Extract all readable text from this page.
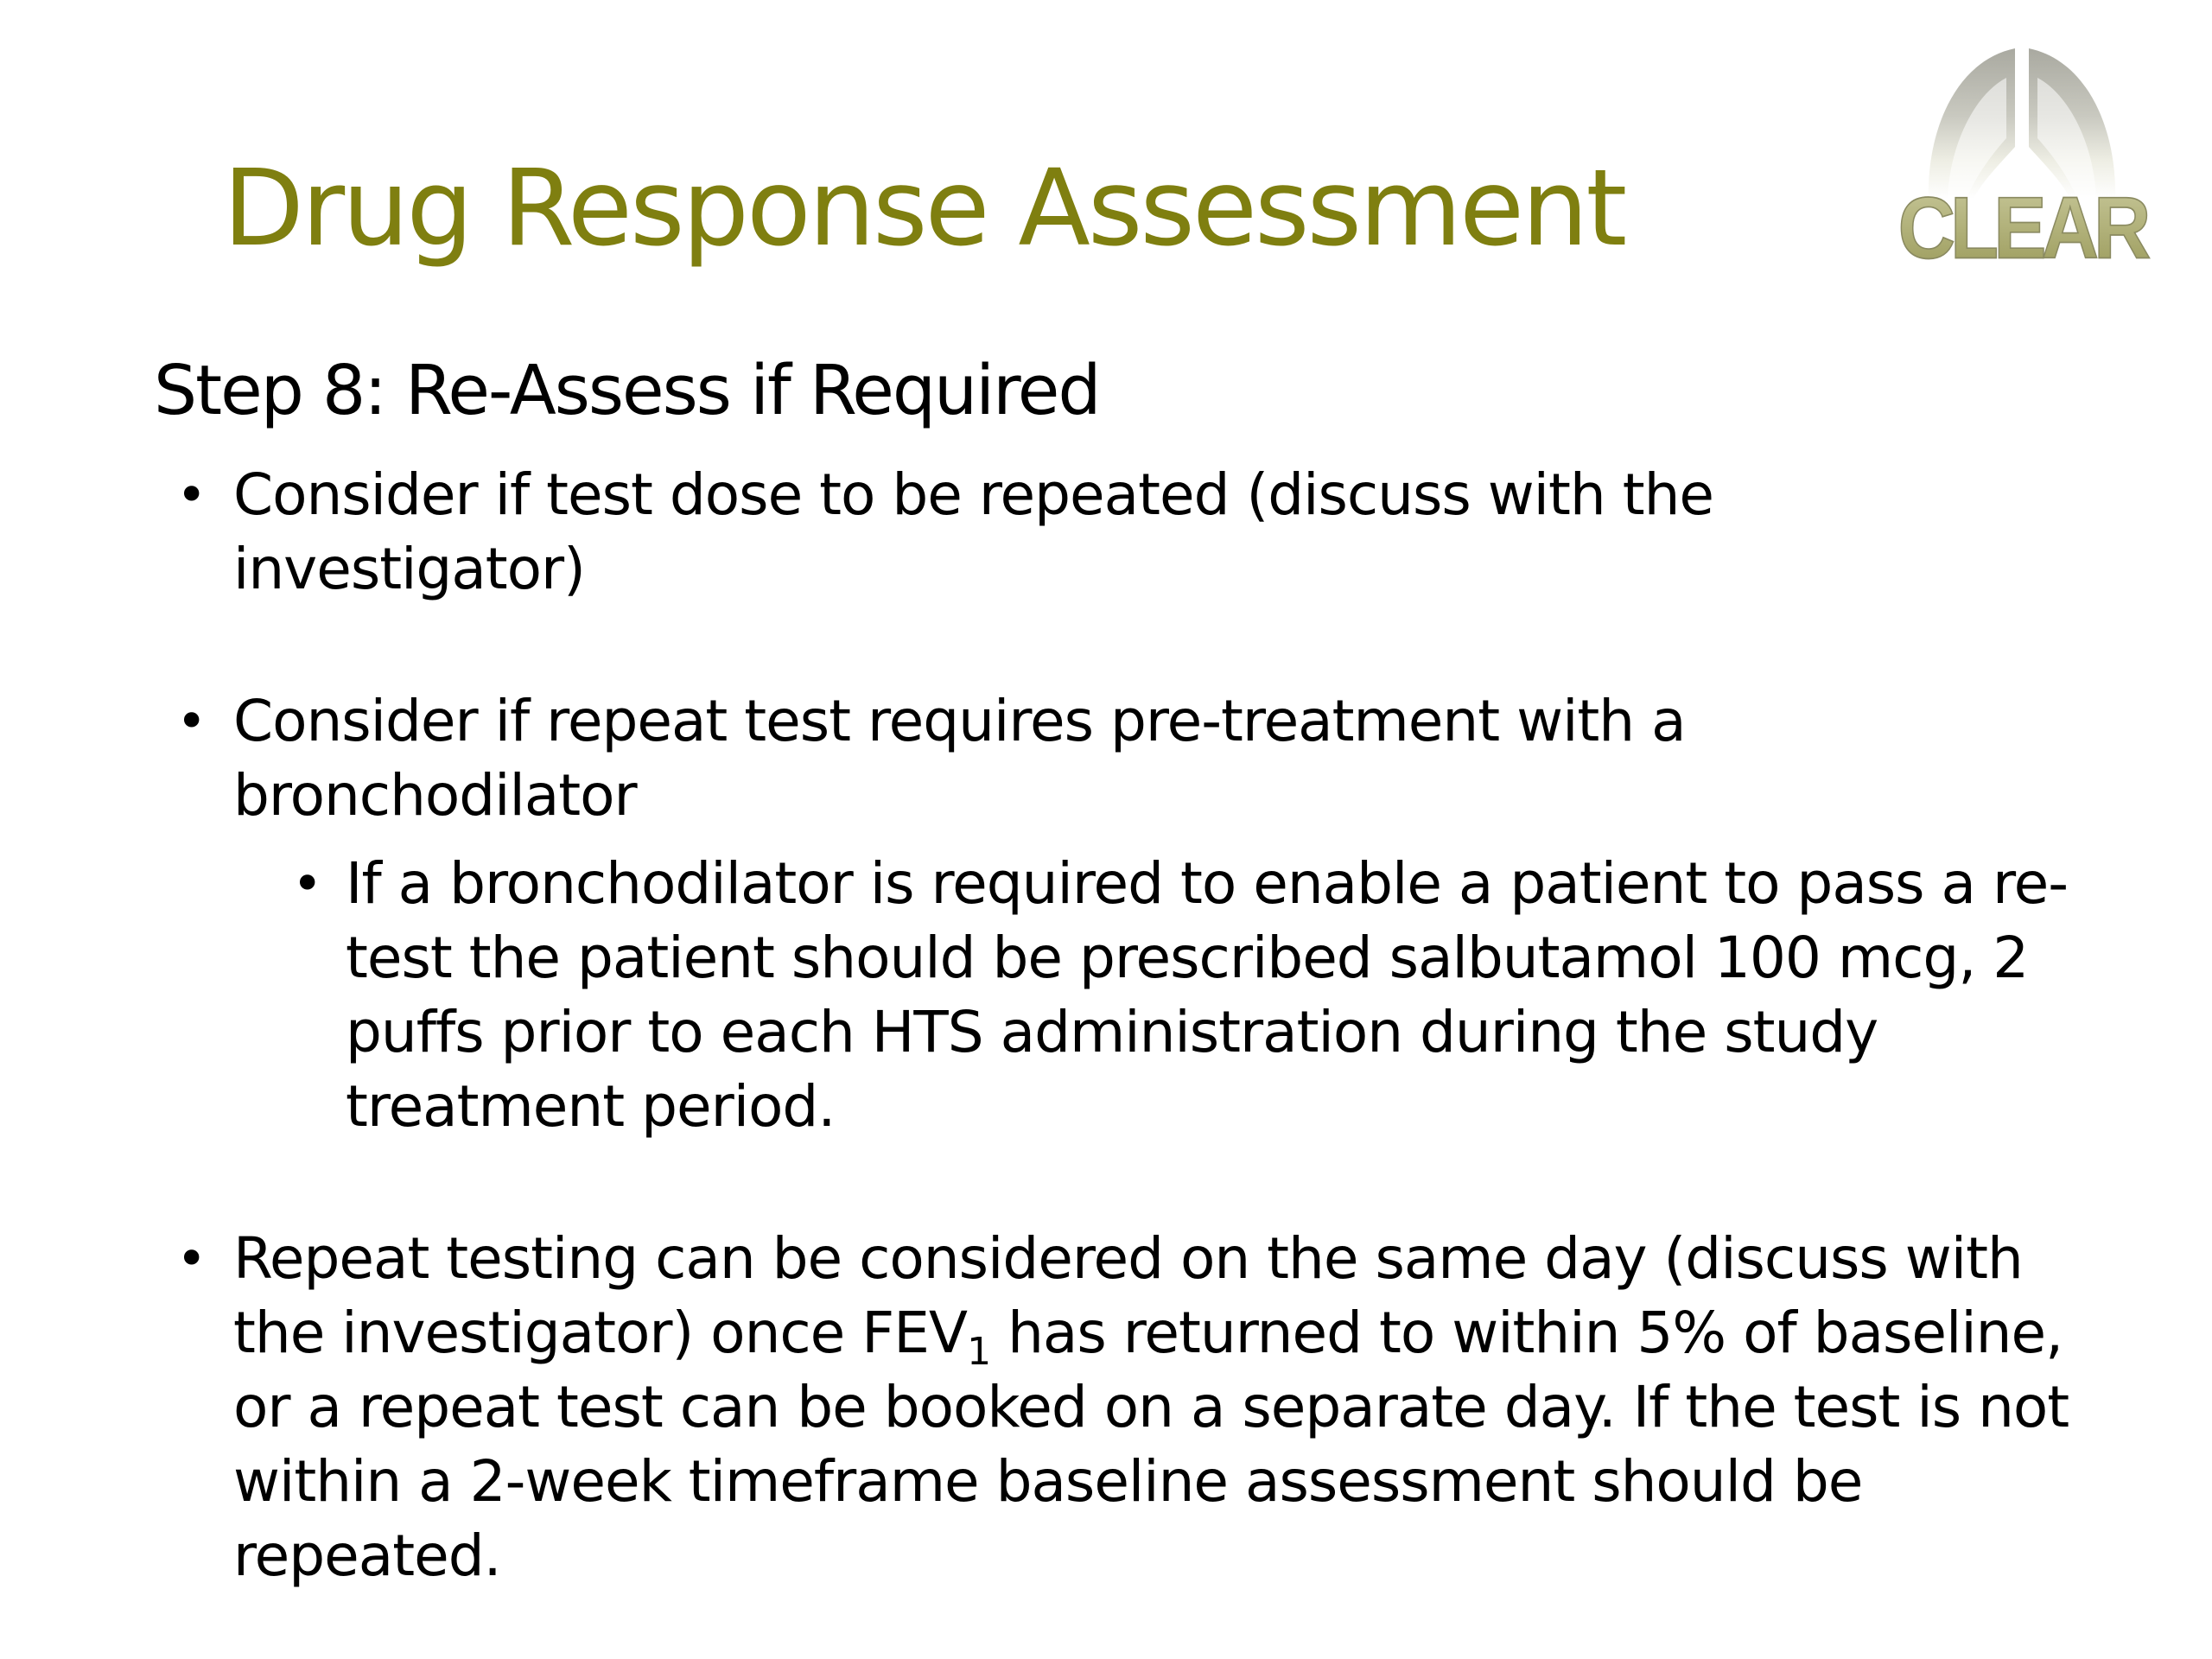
Drug Response Assessment	CLEAR
Step 8: Re-Assess if Required
• Consider if test dose to be repeated (discuss with the investigator)
• Consider if repeat test requires pre-treatment with a bronchodilator
• If a bronchodilator is required to enable a patient to pass a re-test the patient should be prescribed salbutamol 100 mcg, 2 puffs prior to each HTS administration during the study treatment period.
• Repeat testing can be considered on the same day (discuss with the investigator) once $FEV_1$ has returned to within 5% of baseline, or a repeat test can be booked on a separate day. If the test is not within a 2-week timeframe baseline assessment should be repeated.
